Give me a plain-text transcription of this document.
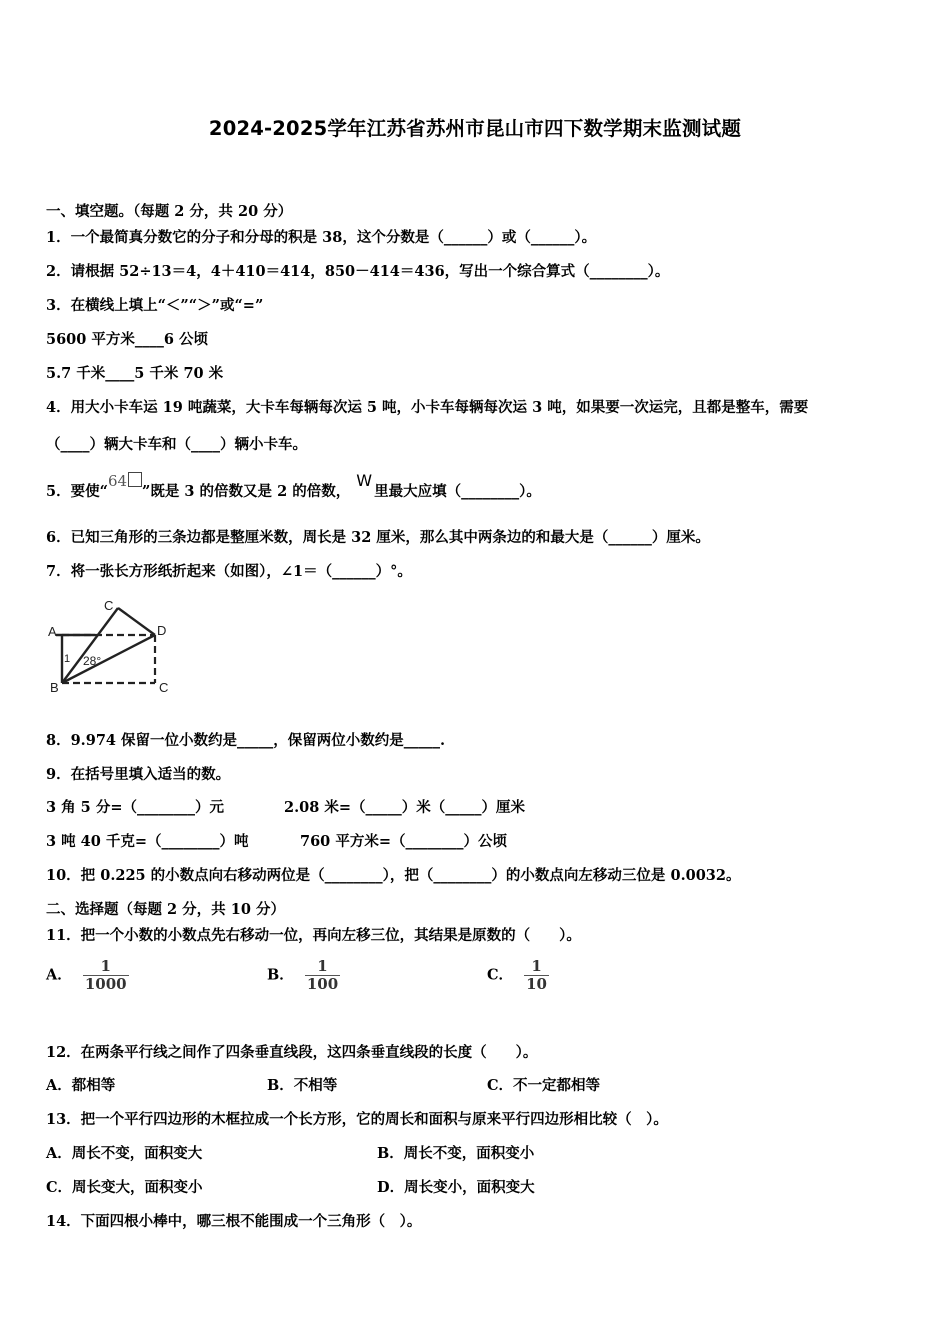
2024-2025学年江苏省苏州市昆山市四下数学期末监测试题
一、填空题。（每题 2 分，共 20 分）
1．一个最简真分数它的分子和分母的积是 38，这个分数是（______）或（______）。
2．请根据 52÷13＝4，4＋410＝414，850－414＝436，写出一个综合算式（________）。
3．在横线上填上“＜”“＞”或“=”
5600 平方米____6 公顷
5.7 千米____5 千米 70 米
4．用大小卡车运 19 吨蔬菜，大卡车每辆每次运 5 吨，小卡车每辆每次运 3 吨，如果要一次运完，且都是整车，需要
（____）辆大卡车和（____）辆小卡车。
5．要使“64”既是 3 的倍数又是 2 的倍数，W里最大应填（________）。
6．已知三角形的三条边都是整厘米数，周长是 32 厘米，那么其中两条边的和最大是（______）厘米。
7．将一张长方形纸折起来（如图），∠1＝（______）°。
A
B
C
D
C
1 28°
8．9.974 保留一位小数约是_____，保留两位小数约是_____.
9．在括号里填入适当的数。
3 角 5 分=（________）元	2.08 米=（_____）米（_____）厘米
3 吨 40 千克=（________）吨	760 平方米=（________）公顷
10．把 0.225 的小数点向右移动两位是（________），把（________）的小数点向左移动三位是 0.0032。
二、选择题（每题 2 分，共 10 分）
11．把一个小数的小数点先右移动一位，再向左移三位，其结果是原数的（　　）。
A． $\frac{1}{1000}$	B． $\frac{1}{100}$	C． $\frac{1}{10}$
12．在两条平行线之间作了四条垂直线段，这四条垂直线段的长度（　　）。
A．都相等	B．不相等	C．不一定都相等
13．把一个平行四边形的木框拉成一个长方形，它的周长和面积与原来平行四边形相比较（　）。
A．周长不变，面积变大	B．周长不变，面积变小
C．周长变大，面积变小	D．周长变小，面积变大
14．下面四根小棒中，哪三根不能围成一个三角形（　）。
